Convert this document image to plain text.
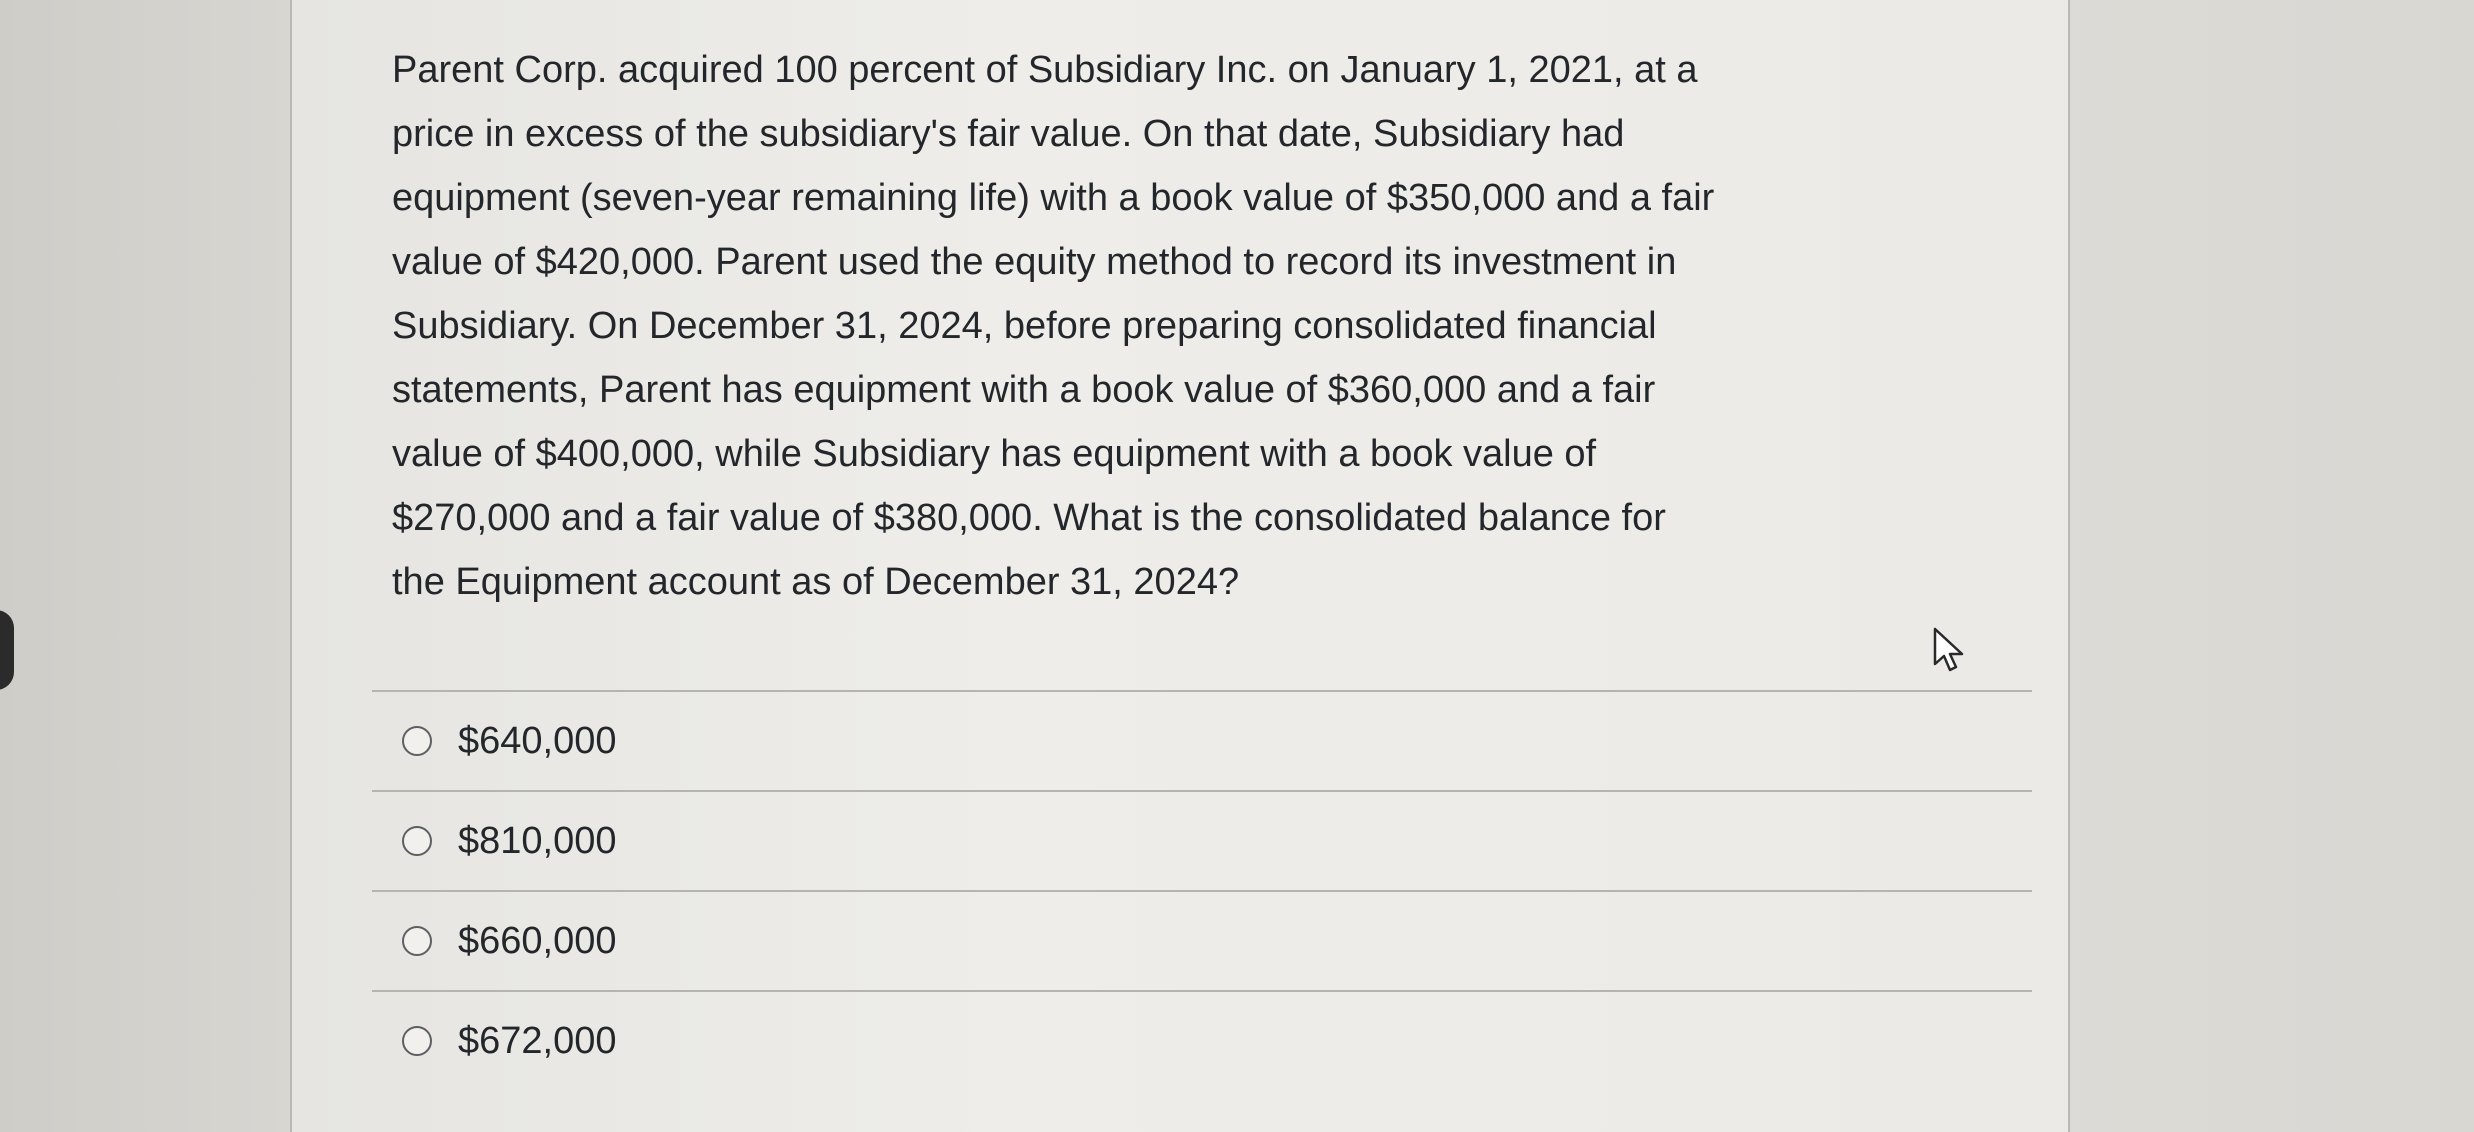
Parent Corp. acquired 100 percent of Subsidiary Inc. on January 1, 2021, at a
price in excess of the subsidiary's fair value. On that date, Subsidiary had
equipment (seven-year remaining life) with a book value of $350,000 and a fair
value of $420,000. Parent used the equity method to record its investment in
Subsidiary. On December 31, 2024, before preparing consolidated financial
statements, Parent has equipment with a book value of $360,000 and a fair
value of $400,000, while Subsidiary has equipment with a book value of
$270,000 and a fair value of $380,000. What is the consolidated balance for
the Equipment account as of December 31, 2024?

$640,000
$810,000
$660,000
$672,000
